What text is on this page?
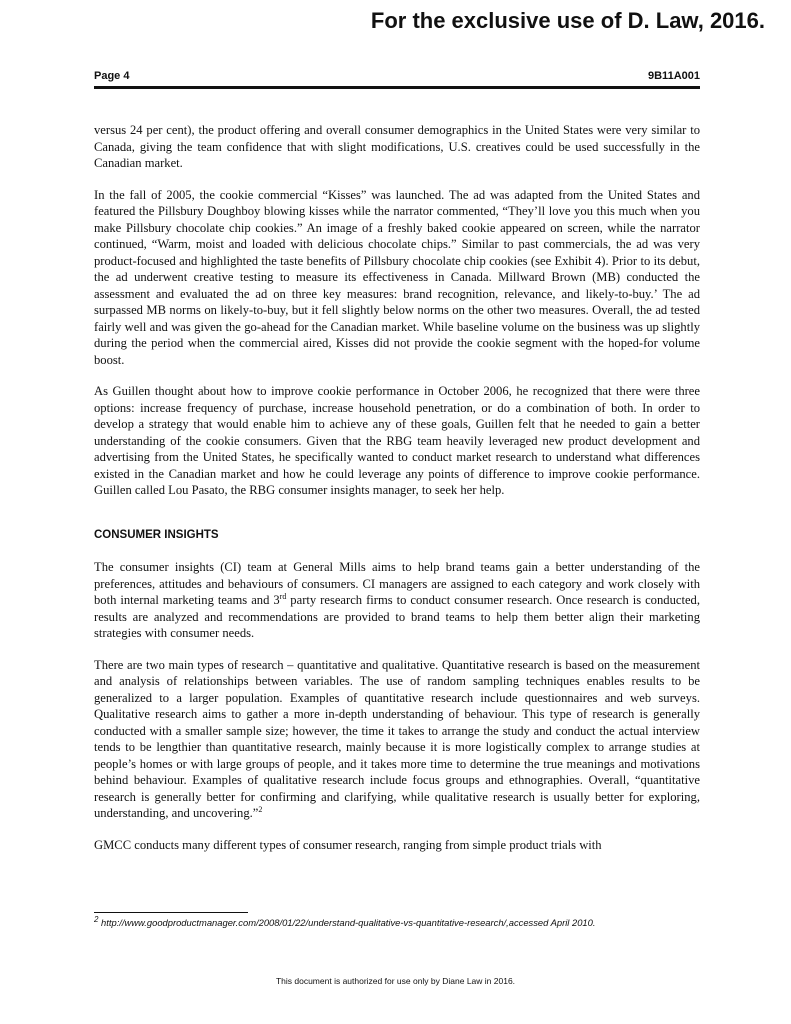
For the exclusive use of D. Law, 2016.
Page 4	9B11A001

versus 24 per cent), the product offering and overall consumer demographics in the United States were very similar to Canada, giving the team confidence that with slight modifications, U.S. creatives could be used successfully in the Canadian market.

In the fall of 2005, the cookie commercial “Kisses” was launched. The ad was adapted from the United States and featured the Pillsbury Doughboy blowing kisses while the narrator commented, “They’ll love you this much when you make Pillsbury chocolate chip cookies.” An image of a freshly baked cookie appeared on screen, while the narrator continued, “Warm, moist and loaded with delicious chocolate chips.” Similar to past commercials, the ad was very product-focused and highlighted the taste benefits of Pillsbury chocolate chip cookies (see Exhibit 4). Prior to its debut, the ad underwent creative testing to measure its effectiveness in Canada. Millward Brown (MB) conducted the assessment and evaluated the ad on three key measures: brand recognition, relevance, and likely-to-buy.’ The ad surpassed MB norms on likely-to-buy, but it fell slightly below norms on the other two measures. Overall, the ad tested fairly well and was given the go-ahead for the Canadian market. While baseline volume on the business was up slightly during the period when the commercial aired, Kisses did not provide the cookie segment with the hoped-for volume boost.

As Guillen thought about how to improve cookie performance in October 2006, he recognized that there were three options: increase frequency of purchase, increase household penetration, or do a combination of both. In order to develop a strategy that would enable him to achieve any of these goals, Guillen felt that he needed to gain a better understanding of the cookie consumers. Given that the RBG team heavily leveraged new product development and advertising from the United States, he specifically wanted to conduct market research to understand what differences existed in the Canadian market and how he could leverage any points of difference to improve cookie performance. Guillen called Lou Pasato, the RBG consumer insights manager, to seek her help.

CONSUMER INSIGHTS

The consumer insights (CI) team at General Mills aims to help brand teams gain a better understanding of the preferences, attitudes and behaviours of consumers. CI managers are assigned to each category and work closely with both internal marketing teams and 3rd party research firms to conduct consumer research. Once research is conducted, results are analyzed and recommendations are provided to brand teams to help them better align their marketing strategies with consumer needs.

There are two main types of research – quantitative and qualitative. Quantitative research is based on the measurement and analysis of relationships between variables. The use of random sampling techniques enables results to be generalized to a larger population. Examples of quantitative research include questionnaires and web surveys. Qualitative research aims to gather a more in-depth understanding of behaviour. This type of research is generally conducted with a smaller sample size; however, the time it takes to arrange the study and conduct the actual interview tends to be lengthier than quantitative research, mainly because it is more logistically complex to arrange studies at people’s homes or with large groups of people, and it takes more time to determine the true meanings and motivations behind behaviour. Examples of qualitative research include focus groups and ethnographies. Overall, “quantitative research is generally better for confirming and clarifying, while qualitative research is usually better for exploring, understanding, and uncovering.”$^2$

GMCC conducts many different types of consumer research, ranging from simple product trials with

$^2$ http://www.goodproductmanager.com/2008/01/22/understand-qualitative-vs-quantitative-research/,accessed April 2010.
This document is authorized for use only by Diane Law in 2016.
